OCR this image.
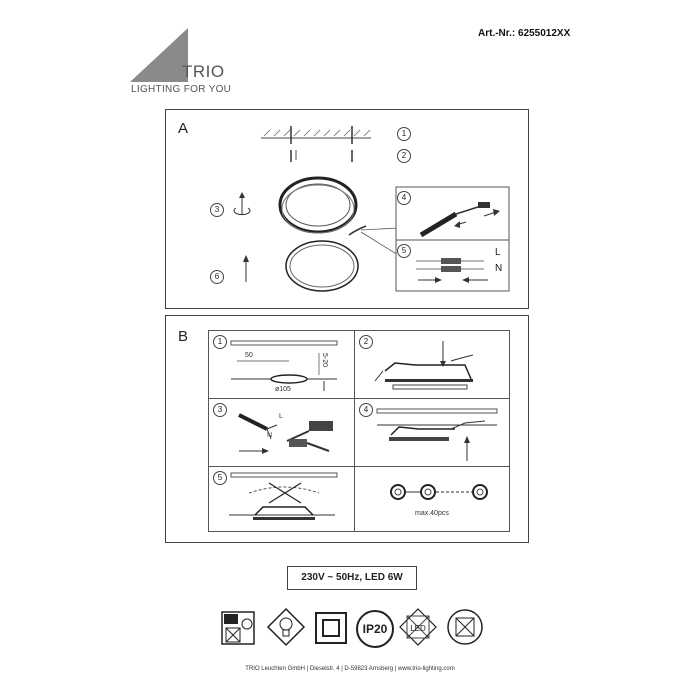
TRIO
LIGHTING FOR YOU
Art.-Nr.: 6255012XX
A	1
2
3
4
5
6
L
N
B	1
50	5-20
ø105
2
3
L
N
4
5
max.40pcs
230V ~ 50Hz, LED 6W
IP20	LED
TRIO Leuchten GmbH | Dieselstr. 4 | D-59823 Arnsberg | www.trio-lighting.com
